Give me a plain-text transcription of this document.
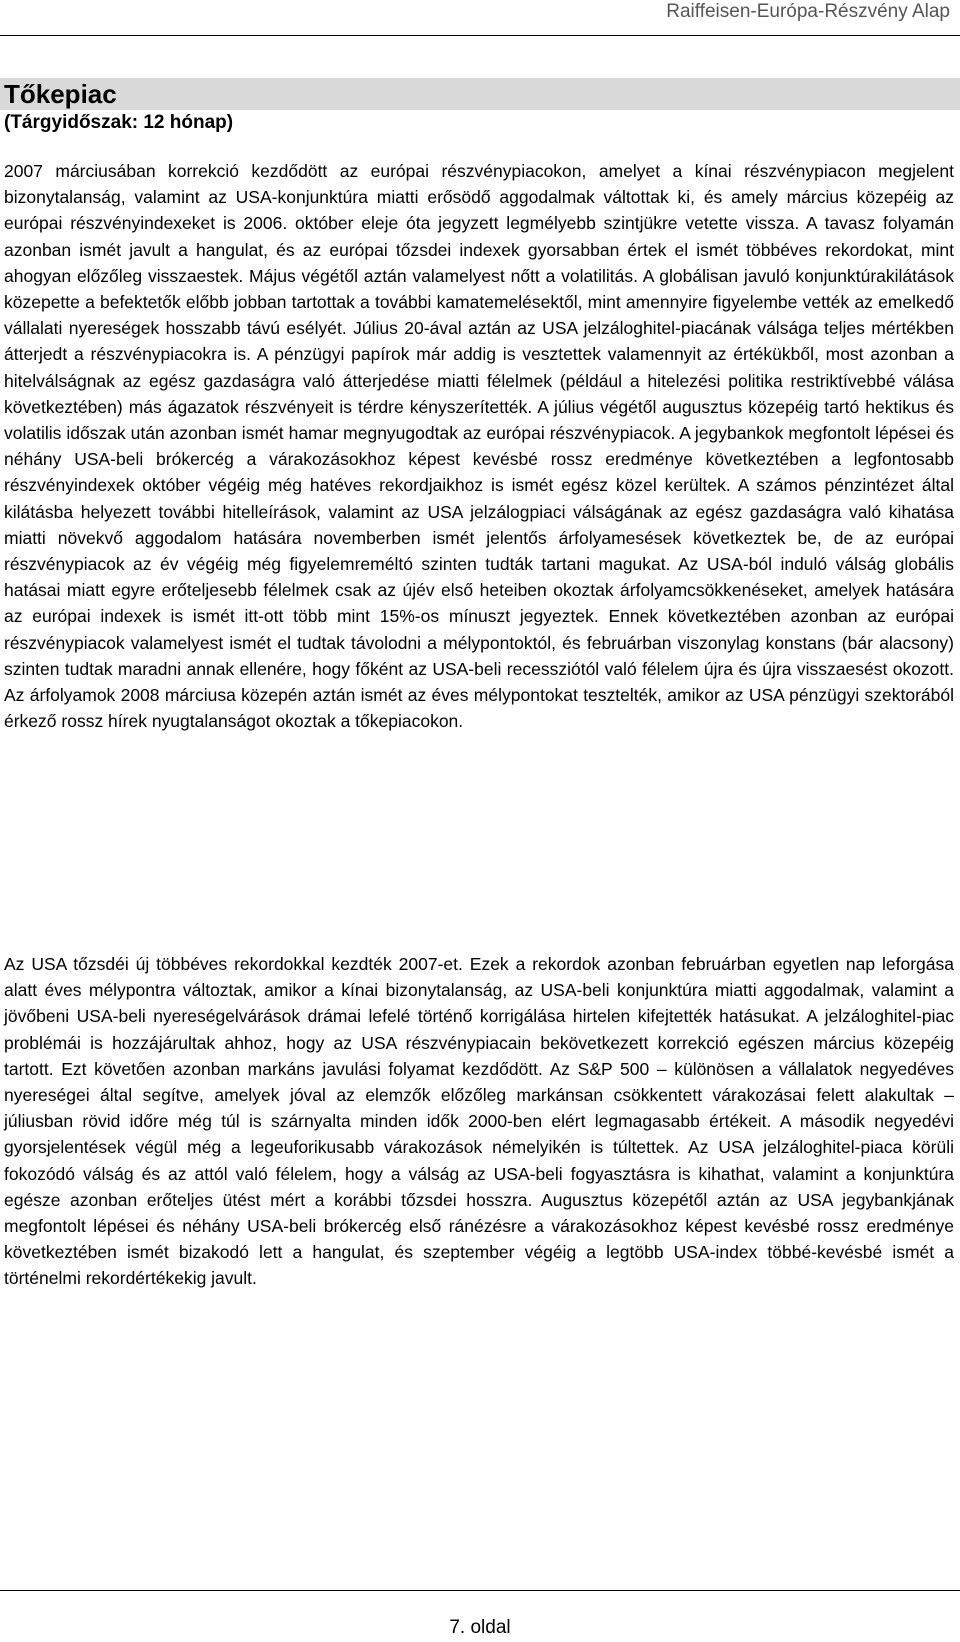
Raiffeisen-Európa-Részvény Alap
Tőkepiac
(Tárgyidőszak: 12 hónap)

2007 márciusában korrekció kezdődött az európai részvénypiacokon, amelyet a kínai részvénypiacon megjelent bizonytalanság, valamint az USA-konjunktúra miatti erősödő aggodalmak váltottak ki, és amely március közepéig az európai részvényindexeket is 2006. október eleje óta jegyzett legmélyebb szintjükre vetette vissza. A tavasz folyamán azonban ismét javult a hangulat, és az európai tőzsdei indexek gyorsabban értek el ismét többéves rekordokat, mint ahogyan előzőleg visszaestek. Május végétől aztán valamelyest nőtt a volatilitás. A globálisan javuló konjunktúrakilátások közepette a befektetők előbb jobban tartottak a további kamatemelésektől, mint amennyire figyelembe vették az emelkedő vállalati nyereségek hosszabb távú esélyét. Július 20-ával aztán az USA jelzáloghitel-piacának válsága teljes mértékben átterjedt a részvénypiacokra is. A pénzügyi papírok már addig is vesztettek valamennyit az értékükből, most azonban a hitelválságnak az egész gazdaságra való átterjedése miatti félelmek (például a hitelezési politika restriktívebbé válása következtében) más ágazatok részvényeit is térdre kényszerítették. A július végétől augusztus közepéig tartó hektikus és volatilis időszak után azonban ismét hamar megnyugodtak az európai részvénypiacok. A jegybankok megfontolt lépései és néhány USA-beli brókercég a várakozásokhoz képest kevésbé rossz eredménye következtében a legfontosabb részvényindexek október végéig még hatéves rekordjaikhoz is ismét egész közel kerültek. A számos pénzintézet által kilátásba helyezett további hitelleírások, valamint az USA jelzálogpiaci válságának az egész gazdaságra való kihatása miatti növekvő aggodalom hatására novemberben ismét jelentős árfolyamesések következtek be, de az európai részvénypiacok az év végéig még figyelemreméltó szinten tudták tartani magukat. Az USA-ból induló válság globális hatásai miatt egyre erőteljesebb félelmek csak az újév első heteiben okoztak árfolyamcsökkenéseket, amelyek hatására az európai indexek is ismét itt-ott több mint 15%-os mínuszt jegyeztek. Ennek következtében azonban az európai részvénypiacok valamelyest ismét el tudtak távolodni a mélypontoktól, és februárban viszonylag konstans (bár alacsony) szinten tudtak maradni annak ellenére, hogy főként az USA-beli recessziótól való félelem újra és újra visszaesést okozott. Az árfolyamok 2008 márciusa közepén aztán ismét az éves mélypontokat tesztelték, amikor az USA pénzügyi szektorából érkező rossz hírek nyugtalanságot okoztak a tőkepiacokon.

Az USA tőzsdéi új többéves rekordokkal kezdték 2007-et. Ezek a rekordok azonban februárban egyetlen nap leforgása alatt éves mélypontra változtak, amikor a kínai bizonytalanság, az USA-beli konjunktúra miatti aggodalmak, valamint a jövőbeni USA-beli nyereségelvárások drámai lefelé történő korrigálása hirtelen kifejtették hatásukat. A jelzáloghitel-piac problémái is hozzájárultak ahhoz, hogy az USA részvénypiacain bekövetkezett korrekció egészen március közepéig tartott. Ezt követően azonban markáns javulási folyamat kezdődött. Az S&P 500 – különösen a vállalatok negyedéves nyereségei által segítve, amelyek jóval az elemzők előzőleg markánsan csökkentett várakozásai felett alakultak – júliusban rövid időre még túl is szárnyalta minden idők 2000-ben elért legmagasabb értékeit. A második negyedévi gyorsjelentések végül még a legeuforikusabb várakozások némelyikén is túltettek. Az USA jelzáloghitel-piaca körüli fokozódó válság és az attól való félelem, hogy a válság az USA-beli fogyasztásra is kihathat, valamint a konjunktúra egésze azonban erőteljes ütést mért a korábbi tőzsdei hosszra. Augusztus közepétől aztán az USA jegybankjának megfontolt lépései és néhány USA-beli brókercég első ránézésre a várakozásokhoz képest kevésbé rossz eredménye következtében ismét bizakodó lett a hangulat, és szeptember végéig a legtöbb USA-index többé-kevésbé ismét a történelmi rekordérték​ekig javult.

7. oldal
